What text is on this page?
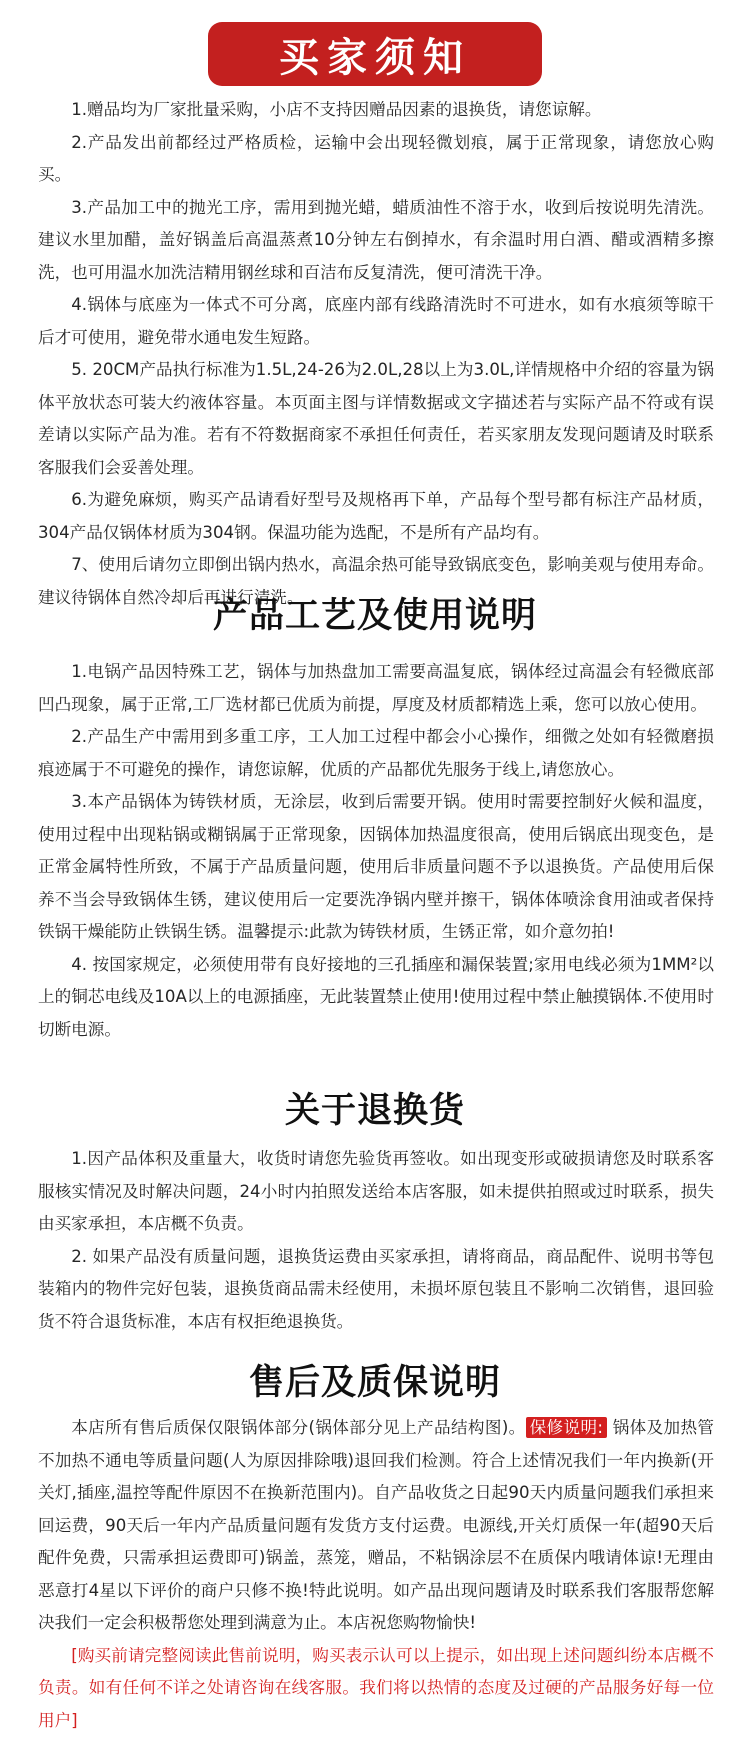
买家须知

1.赠品均为厂家批量采购，小店不支持因赠品因素的退换货，请您谅解。

2.产品发出前都经过严格质检，运输中会出现轻微划痕，属于正常现象，请您放心购买。

3.产品加工中的抛光工序，需用到抛光蜡，蜡质油性不溶于水，收到后按说明先清洗。建议水里加醋，盖好锅盖后高温蒸煮10分钟左右倒掉水，有余温时用白酒、醋或酒精多擦洗，也可用温水加洗洁精用钢丝球和百洁布反复清洗，便可清洗干净。

4.锅体与底座为一体式不可分离，底座内部有线路清洗时不可进水，如有水痕须等晾干后才可使用，避免带水通电发生短路。

5. 20CM产品执行标准为1.5L,24-26为2.0L,28以上为3.0L,详情规格中介绍的容量为锅体平放状态可装大约液体容量。本页面主图与详情数据或文字描述若与实际产品不符或有误差请以实际产品为准。若有不符数据商家不承担任何责任，若买家朋友发现问题请及时联系客服我们会妥善处理。

6.为避免麻烦，购买产品请看好型号及规格再下单，产品每个型号都有标注产品材质，304产品仅锅体材质为304钢。保温功能为选配，不是所有产品均有。

7、使用后请勿立即倒出锅内热水，高温余热可能导致锅底变色，影响美观与使用寿命。建议待锅体自然冷却后再进行清洗。

产品工艺及使用说明

1.电锅产品因特殊工艺，锅体与加热盘加工需要高温复底，锅体经过高温会有轻微底部凹凸现象，属于正常,工厂选材都已优质为前提，厚度及材质都精选上乘，您可以放心使用。

2.产品生产中需用到多重工序，工人加工过程中都会小心操作，细微之处如有轻微磨损痕迹属于不可避免的操作，请您谅解，优质的产品都优先服务于线上,请您放心。

3.本产品锅体为铸铁材质，无涂层，收到后需要开锅。使用时需要控制好火候和温度，使用过程中出现粘锅或糊锅属于正常现象，因锅体加热温度很高，使用后锅底出现变色，是正常金属特性所致，不属于产品质量问题，使用后非质量问题不予以退换货。产品使用后保养不当会导致锅体生锈，建议使用后一定要洗净锅内壁并擦干，锅体体喷涂食用油或者保持铁锅干燥能防止铁锅生锈。温馨提示:此款为铸铁材质，生锈正常，如介意勿拍!

4. 按国家规定，必须使用带有良好接地的三孔插座和漏保装置;家用电线必须为1MM²以上的铜芯电线及10A以上的电源插座，无此装置禁止使用!使用过程中禁止触摸锅体.不使用时切断电源。

关于退换货

1.因产品体积及重量大，收货时请您先验货再签收。如出现变形或破损请您及时联系客服核实情况及时解决问题，24小时内拍照发送给本店客服，如未提供拍照或过时联系，损失由买家承担，本店概不负责。

2. 如果产品没有质量问题，退换货运费由买家承担，请将商品，商品配件、说明书等包装箱内的物件完好包装，退换货商品需未经使用，未损坏原包装且不影响二次销售，退回验货不符合退货标准，本店有权拒绝退换货。

售后及质保说明

本店所有售后质保仅限锅体部分(锅体部分见上产品结构图)。 保修说明: 锅体及加热管不加热不通电等质量问题(人为原因排除哦)退回我们检测。符合上述情况我们一年内换新(开关灯,插座,温控等配件原因不在换新范围内)。自产品收货之日起90天内质量问题我们承担来回运费，90天后一年内产品质量问题有发货方支付运费。电源线,开关灯质保一年(超90天后配件免费，只需承担运费即可)锅盖，蒸笼，赠品，不粘锅涂层不在质保内哦请体谅!无理由恶意打4星以下评价的商户只修不换!特此说明。如产品出现问题请及时联系我们客服帮您解决我们一定会积极帮您处理到满意为止。本店祝您购物愉快!

[购买前请完整阅读此售前说明，购买表示认可以上提示，如出现上述问题纠纷本店概不负责。如有任何不详之处请咨询在线客服。我们将以热情的态度及过硬的产品服务好每一位用户]
